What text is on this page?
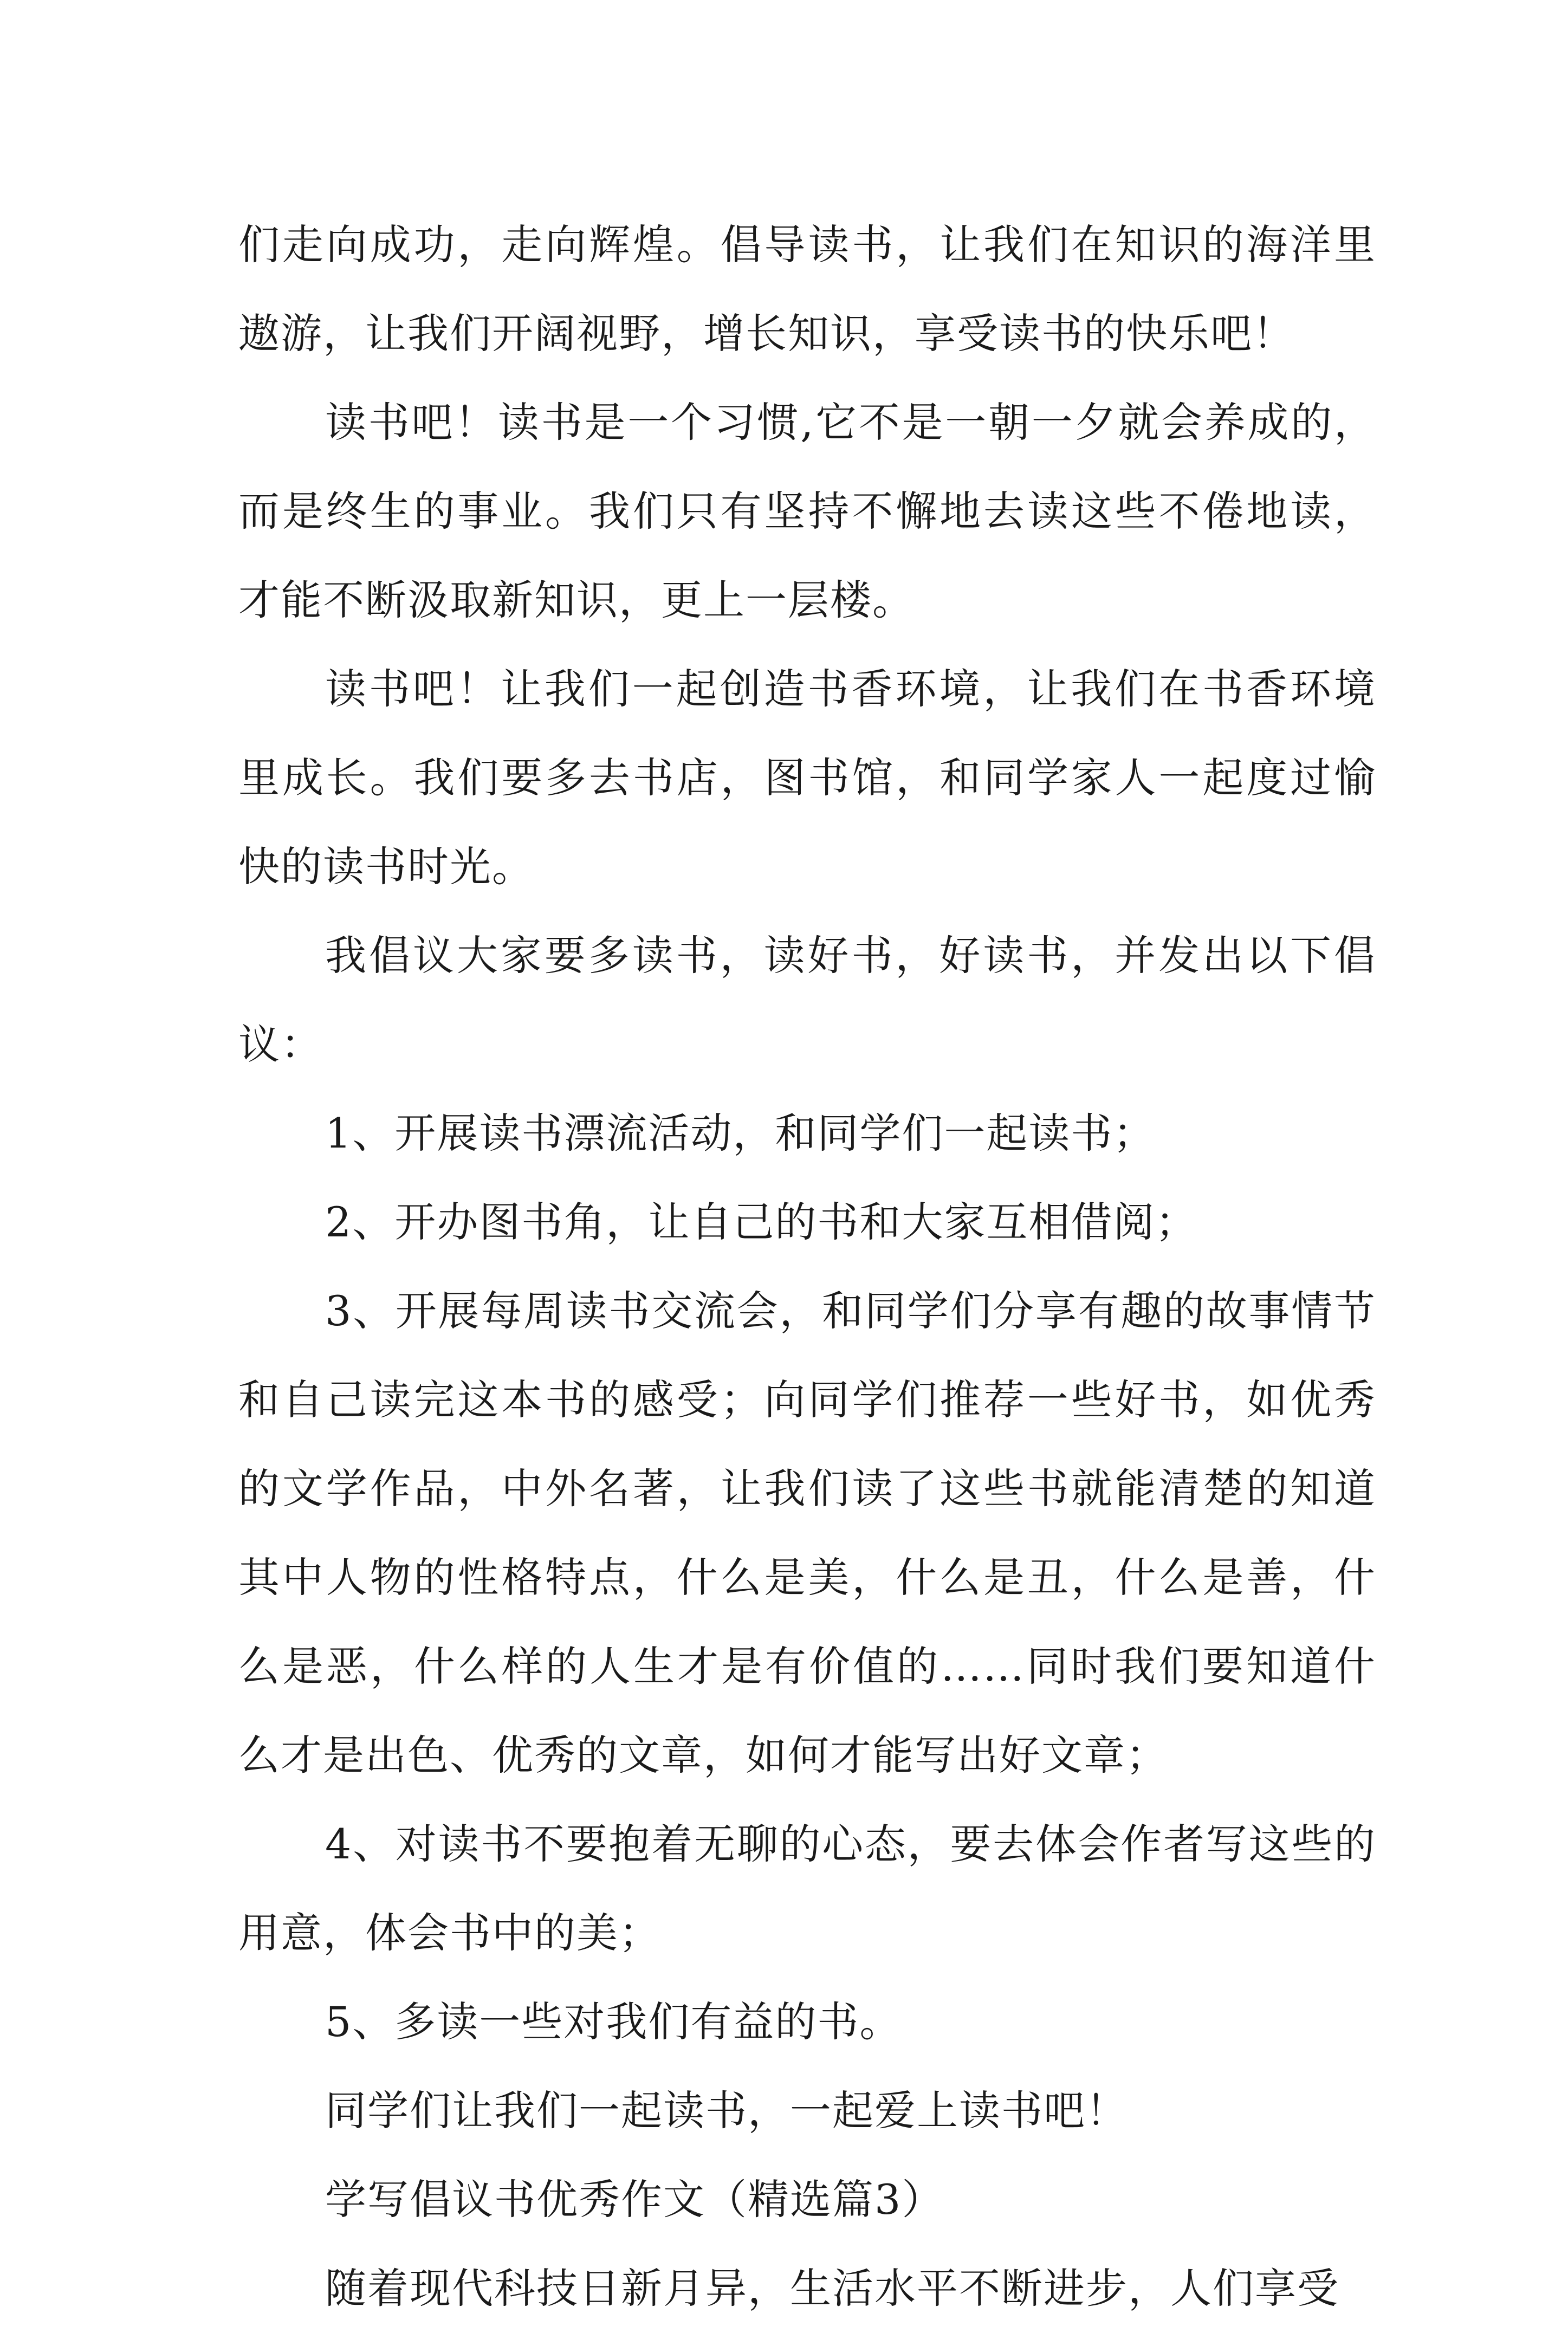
们走向成功，走向辉煌。倡导读书，让我们在知识的海洋里遨游，让我们开阔视野，增长知识，享受读书的快乐吧！

读书吧！读书是一个习惯,它不是一朝一夕就会养成的，而是终生的事业。我们只有坚持不懈地去读这些不倦地读，才能不断汲取新知识，更上一层楼。

读书吧！让我们一起创造书香环境，让我们在书香环境里成长。我们要多去书店，图书馆，和同学家人一起度过愉快的读书时光。

我倡议大家要多读书，读好书，好读书，并发出以下倡议：

1、开展读书漂流活动，和同学们一起读书；

2、开办图书角，让自己的书和大家互相借阅；

3、开展每周读书交流会，和同学们分享有趣的故事情节和自己读完这本书的感受；向同学们推荐一些好书，如优秀的文学作品，中外名著，让我们读了这些书就能清楚的知道其中人物的性格特点，什么是美，什么是丑，什么是善，什么是恶，什么样的人生才是有价值的……同时我们要知道什么才是出色、优秀的文章，如何才能写出好文章；

4、对读书不要抱着无聊的心态，要去体会作者写这些的用意，体会书中的美；

5、多读一些对我们有益的书。

同学们让我们一起读书，一起爱上读书吧！

学写倡议书优秀作文（精选篇3）

随着现代科技日新月异，生活水平不断进步，人们享受
